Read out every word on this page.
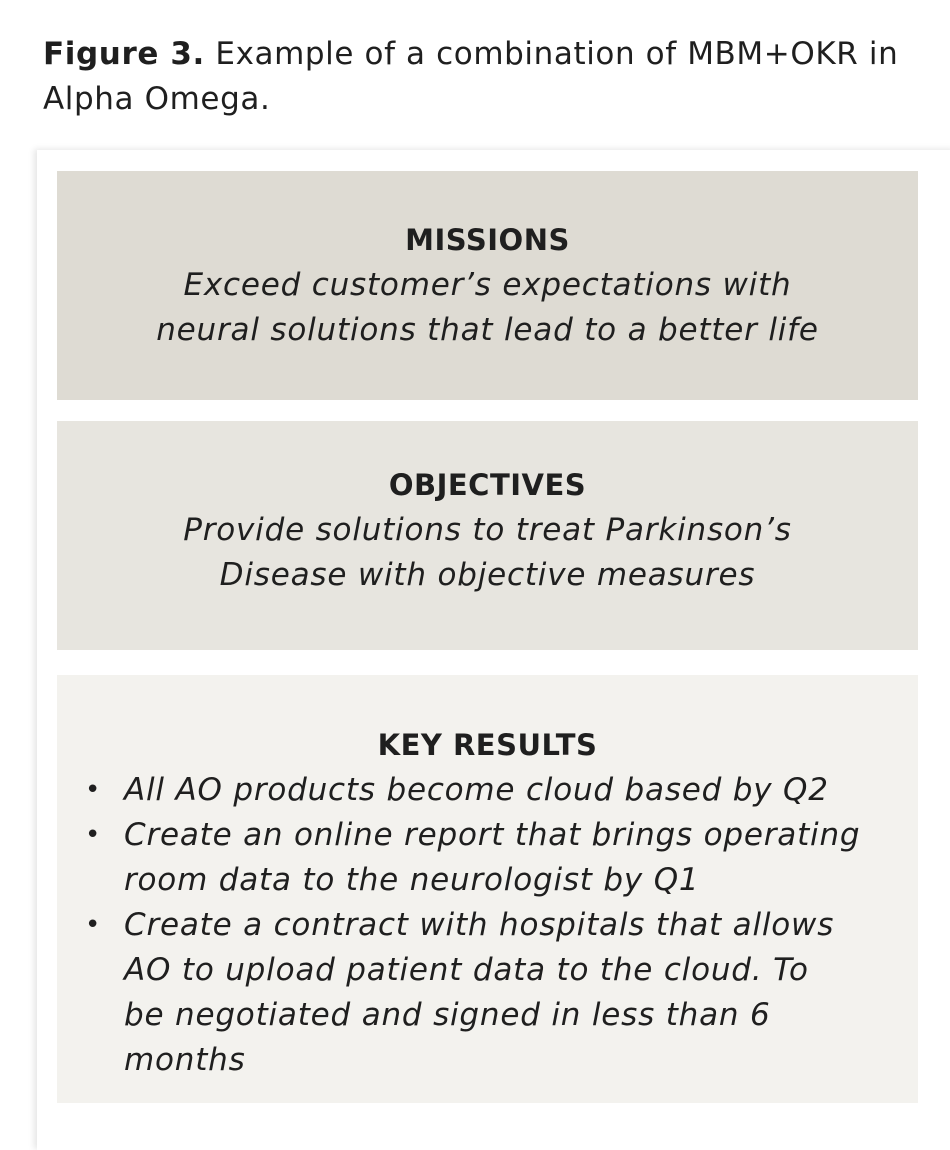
Figure 3. Example of a combination of MBM+OKR in Alpha Omega.
MISSIONS
Exceed customer’s expectations with
neural solutions that lead to a better life
OBJECTIVES
Provide solutions to treat Parkinson’s
Disease with objective measures
KEY RESULTS
• All AO products become cloud based by Q2
• Create an online report that brings operating
room data to the neurologist by Q1
• Create a contract with hospitals that allows
AO to upload patient data to the cloud. To
be negotiated and signed in less than 6
months
